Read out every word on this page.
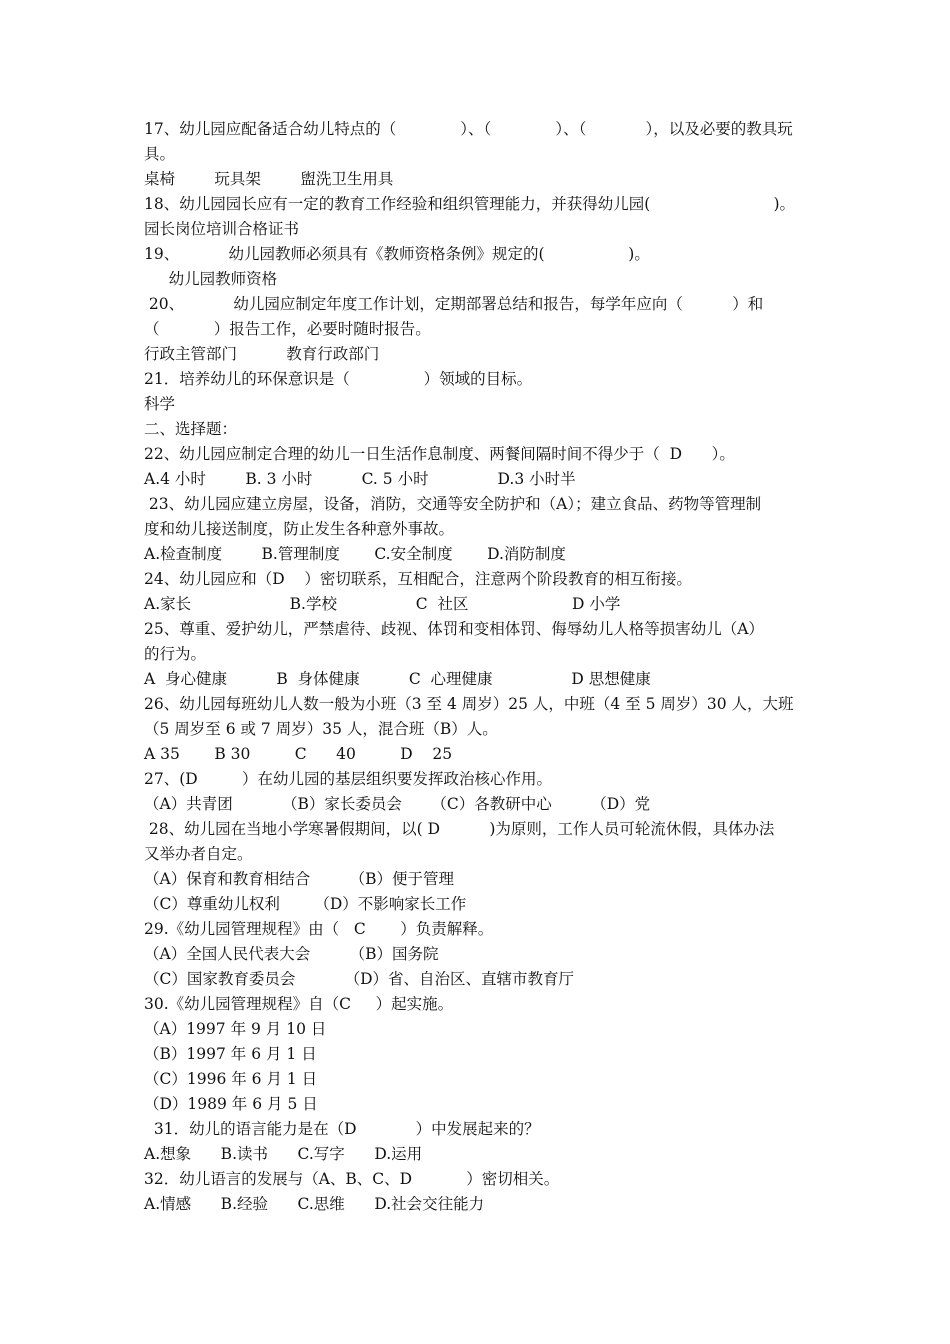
17、幼儿园应配备适合幼儿特点的（             ）、（             ）、（            ），以及必要的教具玩
具。
桌椅        玩具架        盥洗卫生用具
18、幼儿园园长应有一定的教育工作经验和组织管理能力，并获得幼儿园(                         )。
园长岗位培训合格证书
19、          幼儿园教师必须具有《教师资格条例》规定的(                 )。
幼儿园教师资格
20、          幼儿园应制定年度工作计划，定期部署总结和报告，每学年应向（          ）和
（           ）报告工作，必要时随时报告。
行政主管部门          教育行政部门
21．培养幼儿的环保意识是（               ）领域的目标。
科学
二、选择题：
22、幼儿园应制定合理的幼儿一日生活作息制度、两餐间隔时间不得少于（  D      ）。
A.4 小时        B. 3 小时          C. 5 小时              D.3 小时半
23、幼儿园应建立房屋，设备，消防，交通等安全防护和（A）；建立食品、药物等管理制
度和幼儿接送制度，防止发生各种意外事故。
A.检查制度        B.管理制度       C.安全制度       D.消防制度
24、幼儿园应和（D    ）密切联系，互相配合，注意两个阶段教育的相互衔接。
A.家长                    B.学校                C  社区                     D 小学
25、尊重、爱护幼儿，严禁虐待、歧视、体罚和变相体罚、侮辱幼儿人格等损害幼儿（A）
的行为。
A  身心健康          B  身体健康          C  心理健康                D 思想健康
26、幼儿园每班幼儿人数一般为小班（3 至 4 周岁）25 人，中班（4 至 5 周岁）30 人，大班
（5 周岁至 6 或 7 周岁）35 人，混合班（B）人。
A 35       B 30         C      40         D    25
27、(D         ）在幼儿园的基层组织要发挥政治核心作用。
（A）共青团          （B）家长委员会      （C）各教研中心        （D）党
28、幼儿园在当地小学寒暑假期间，以( D          )为原则，工作人员可轮流休假，具体办法
又举办者自定。
（A）保育和教育相结合        （B）便于管理
（C）尊重幼儿权利       （D）不影响家长工作
29.《幼儿园管理规程》由（   C       ）负责解释。
（A）全国人民代表大会        （B）国务院
（C）国家教育委员会          （D）省、自治区、直辖市教育厅
30.《幼儿园管理规程》自（C     ）起实施。
（A）1997 年 9 月 10 日
（B）1997 年 6 月 1 日
（C）1996 年 6 月 1 日
（D）1989 年 6 月 5 日
31．幼儿的语言能力是在（D            ）中发展起来的？
A.想象      B.读书      C.写字      D.运用
32．幼儿语言的发展与（A、B、C、D           ）密切相关。
A.情感      B.经验      C.思维      D.社会交往能力
